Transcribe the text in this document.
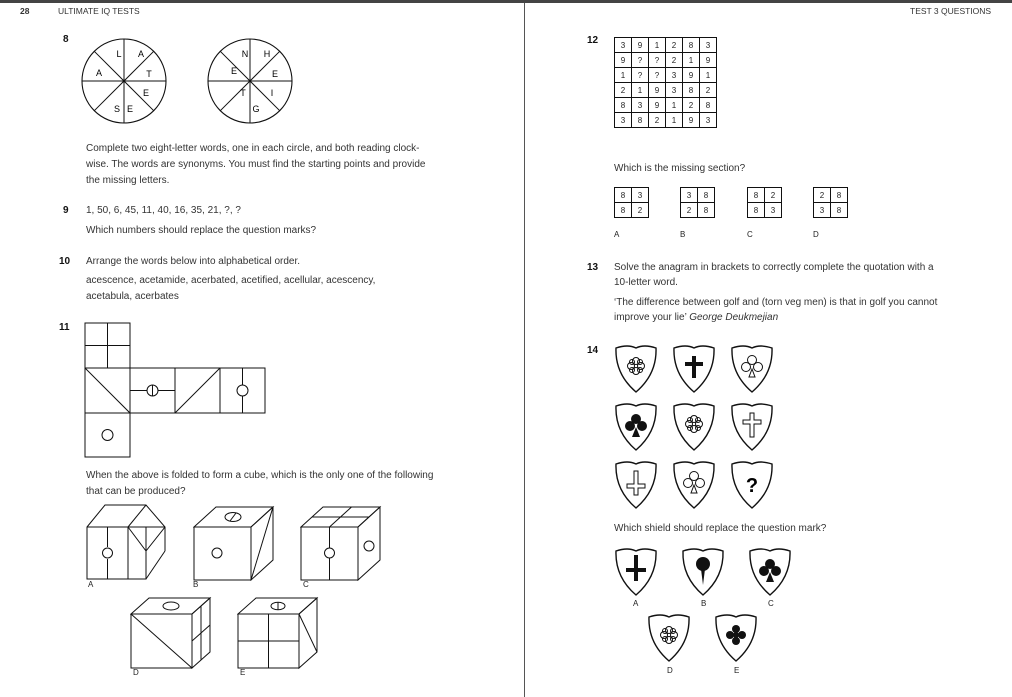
28	ULTIMATE IQ TESTS	TEST 3 QUESTIONS
8
L A
T
E
E
S
A
N H
E
I
G
T
E
Complete two eight-letter words, one in each circle, and both reading clock-
wise. The words are synonyms. You must find the starting points and provide
the missing letters.
9 1, 50, 6, 45, 11, 40, 16, 35, 21, ?, ?
Which numbers should replace the question marks?
10 Arrange the words below into alphabetical order.
acescence, acetamide, acerbated, acetified, acellular, acescency,
acetabula, acerbates
11
When the above is folded to form a cube, which is the only one of the following
that can be produced?
A	B	C
D	E
12	3	9	1	2	8	3
9	?	?	2	1	9
1	?	?	3	9	1
2	1	9	3	8	2
8	3	9	1	2	8
3	8	2	1	9	3
Which is the missing section?
8	3
8	2
A
3	8
2	8
B
8	2
8	3
C
2	8
3	8
D
13 Solve the anagram in brackets to correctly complete the quotation with a
10-letter word.
‘The difference between golf and (torn veg men) is that in golf you cannot
improve your lie’ George Deukmejian
14
?
Which shield should replace the question mark?
A	B	C
D	E
